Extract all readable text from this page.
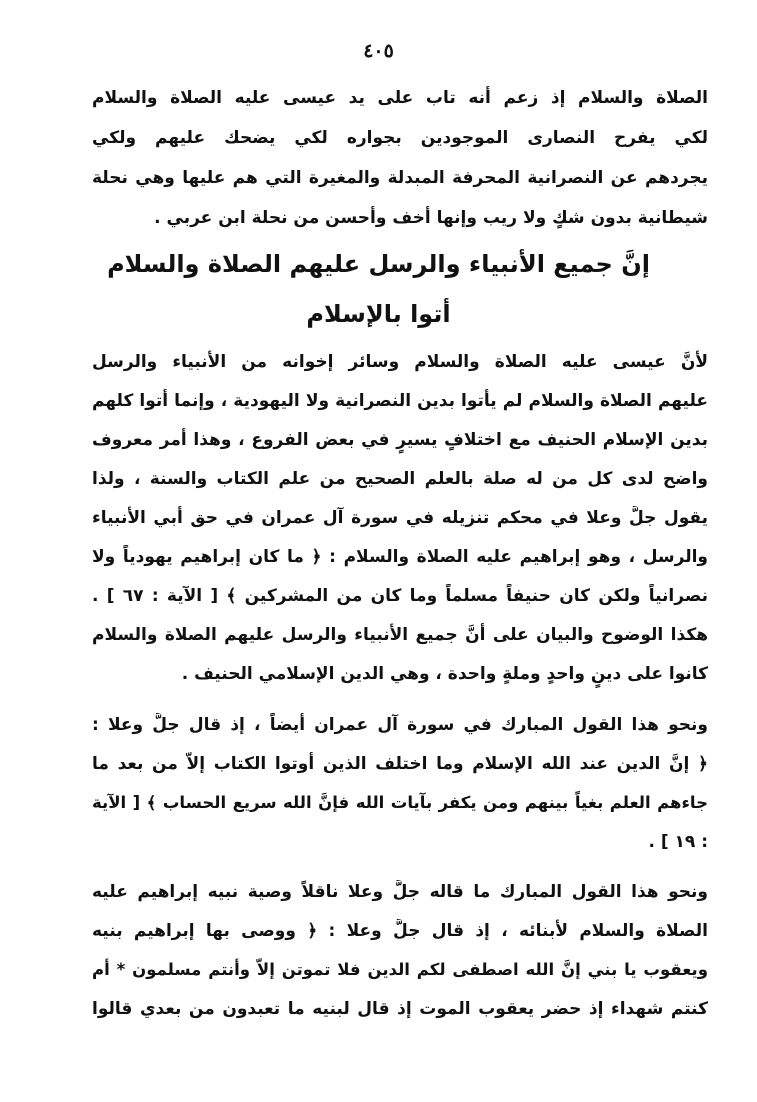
٤٠٥
الصلاة والسلام إذ زعم أنه تاب على يد عيسى عليه الصلاة والسلام
لكي يفرح النصارى الموجودين بجواره لكي يضحك عليهم ولكي
يجردهم عن النصرانية المحرفة المبدلة والمغيرة التي هم عليها وهي نحلة
شيطانية بدون شكٍ ولا ريب وإنها أخف وأحسن من نحلة ابن عربي .
إنَّ جميع الأنبياء والرسل عليهم الصلاة والسلام
أتوا بالإسلام
لأنَّ عيسى عليه الصلاة والسلام وسائر إخوانه من الأنبياء والرسل
عليهم الصلاة والسلام لم يأتوا بدين النصرانية ولا اليهودية ، وإنما أتوا كلهم
بدين الإسلام الحنيف مع اختلافٍ يسيرٍ في بعض الفروع ، وهذا أمر معروف
واضح لدى كل من له صلة بالعلم الصحيح من علم الكتاب والسنة ، ولذا
يقول جلَّ وعلا في محكم تنزيله في سورة آل عمران في حق أبي الأنبياء
والرسل ، وهو إبراهيم عليه الصلاة والسلام : ﴿ ما كان إبراهيم يهودياً ولا
نصرانياً ولكن كان حنيفاً مسلماً وما كان من المشركين ﴾ [ الآية : ٦٧ ] .
هكذا الوضوح والبيان على أنَّ جميع الأنبياء والرسل عليهم الصلاة والسلام
كانوا على دينٍ واحدٍ وملةٍ واحدة ، وهي الدين الإسلامي الحنيف .
ونحو هذا القول المبارك في سورة آل عمران أيضاً ، إذ قال جلَّ وعلا :
﴿ إنَّ الدين عند الله الإسلام وما اختلف الذين أوتوا الكتاب إلاَّ من بعد ما
جاءهم العلم بغياً بينهم ومن يكفر بآيات الله فإنَّ الله سريع الحساب ﴾ [ الآية
: ١٩ ] .
ونحو هذا القول المبارك ما قاله جلَّ وعلا ناقلاً وصية نبيه إبراهيم عليه
الصلاة والسلام لأبنائه ، إذ قال جلَّ وعلا : ﴿ ووصى بها إبراهيم بنيه
ويعقوب يا بني إنَّ الله اصطفى لكم الدين فلا تموتن إلاَّ وأنتم مسلمون * أم
كنتم شهداء إذ حضر يعقوب الموت إذ قال لبنيه ما تعبدون من بعدي قالوا
